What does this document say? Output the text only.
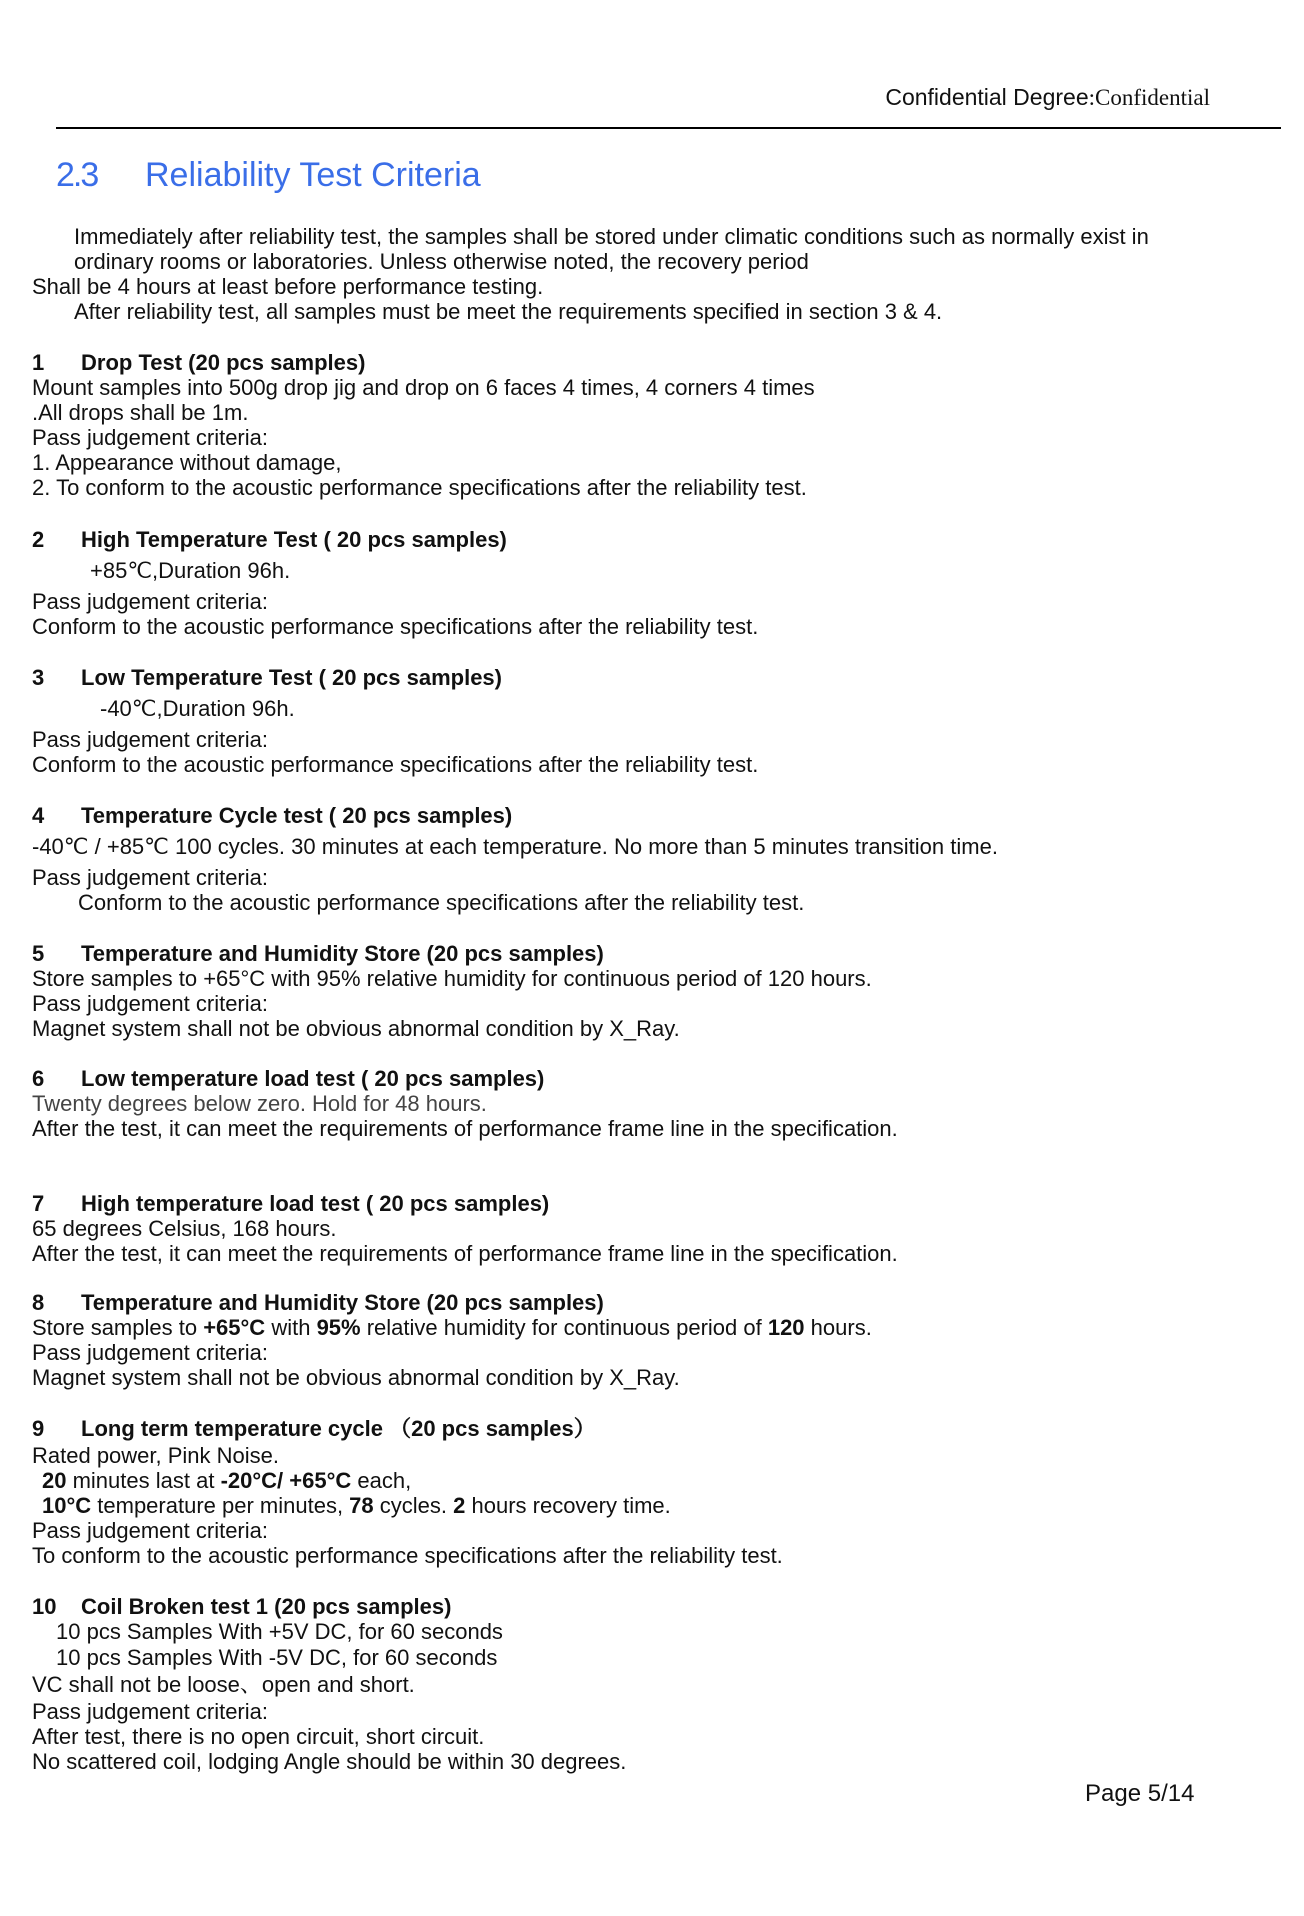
Confidential Degree:Confidential
2.3 Reliability Test Criteria
Immediately after reliability test, the samples shall be stored under climatic conditions such as normally exist in
ordinary rooms or laboratories. Unless otherwise noted, the recovery period
Shall be 4 hours at least before performance testing.
After reliability test, all samples must be meet the requirements specified in section 3 & 4.
1 Drop Test (20 pcs samples)
Mount samples into 500g drop jig and drop on 6 faces 4 times, 4 corners 4 times
.All drops shall be 1m.
Pass judgement criteria:
1. Appearance without damage,
2. To conform to the acoustic performance specifications after the reliability test.
2 High Temperature Test ( 20 pcs samples)
+85℃,Duration 96h.
Pass judgement criteria:
Conform to the acoustic performance specifications after the reliability test.
3 Low Temperature Test ( 20 pcs samples)
-40℃,Duration 96h.
Pass judgement criteria:
Conform to the acoustic performance specifications after the reliability test.
4 Temperature Cycle test ( 20 pcs samples)
-40℃ / +85℃ 100 cycles. 30 minutes at each temperature. No more than 5 minutes transition time.
Pass judgement criteria:
Conform to the acoustic performance specifications after the reliability test.
5 Temperature and Humidity Store (20 pcs samples)
Store samples to +65°C with 95% relative humidity for continuous period of 120 hours.
Pass judgement criteria:
Magnet system shall not be obvious abnormal condition by X_Ray.
6 Low temperature load test ( 20 pcs samples)
Twenty degrees below zero. Hold for 48 hours.
After the test, it can meet the requirements of performance frame line in the specification.
7 High temperature load test ( 20 pcs samples)
65 degrees Celsius, 168 hours.
After the test, it can meet the requirements of performance frame line in the specification.
8 Temperature and Humidity Store (20 pcs samples)
Store samples to +65°C with 95% relative humidity for continuous period of 120 hours.
Pass judgement criteria:
Magnet system shall not be obvious abnormal condition by X_Ray.
9 Long term temperature cycle （20 pcs samples）
Rated power, Pink Noise.
20 minutes last at -20°C/ +65°C each,
10°C temperature per minutes, 78 cycles. 2 hours recovery time.
Pass judgement criteria:
To conform to the acoustic performance specifications after the reliability test.
10 Coil Broken test 1 (20 pcs samples)
10 pcs Samples With +5V DC, for 60 seconds
10 pcs Samples With -5V DC, for 60 seconds
VC shall not be loose、open and short.
Pass judgement criteria:
After test, there is no open circuit, short circuit.
No scattered coil, lodging Angle should be within 30 degrees.
Page 5/14
